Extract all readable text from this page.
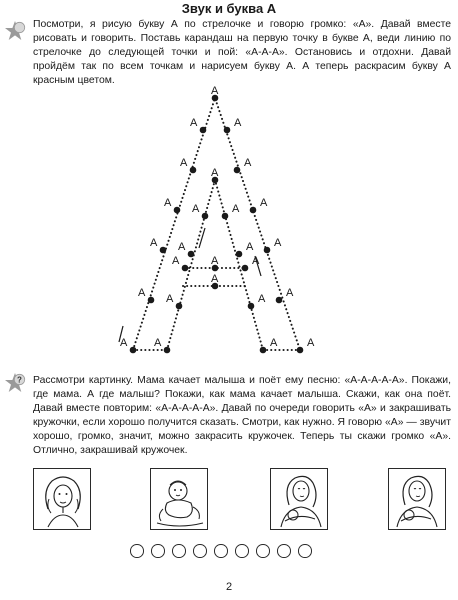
Звук и буква А

Посмотри, я рисую букву А по стрелочке и говорю громко: «А». Давай вместе рисовать и говорить. Поставь карандаш на первую точку в букве А, веди линию по стрелочке до следующей точки и пой: «А-А-А». Остановись и отдохни. Давай пройдём так по всем точкам и нарисуем букву А. А теперь раскрасим букву А красным цветом.

А
А	А
А	А
А
А	А
А	А
А	А
А	А
А	А
А
А
А	А
А	А
А А	А	А
? Рассмотри картинку. Мама качает малыша и поёт ему песню: «А-А-А-А-А». Покажи, где мама. А где малыш? Покажи, как мама качает малыша. Скажи, как она поёт. Давай вместе повторим: «А-А-А-А-А». Давай по очереди говорить «А» и закрашивать кружочки, если хорошо получится сказать. Смотри, как нужно. Я говорю «А» — звучит хорошо, громко, значит, можно закрасить кружочек. Теперь ты скажи громко «А». Отлично, закрашивай кружочек.

2
